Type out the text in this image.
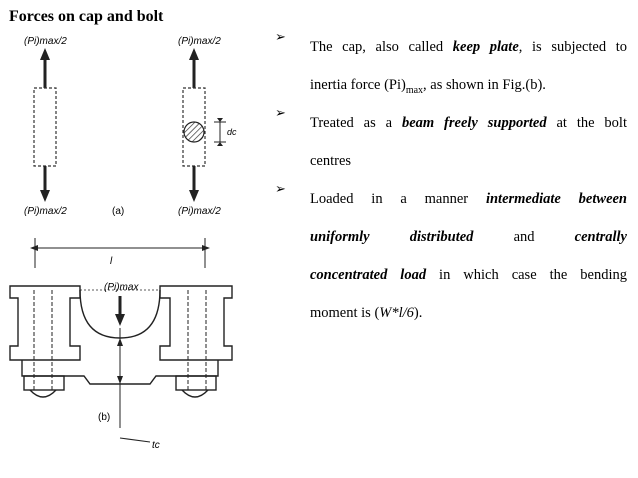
Forces on cap and bolt
(Pi)max/2
(Pi)max/2	(a)
(Pi)max/2
(Pi)max/2
dc
l
(Pi)max
(b)
tc
➢
The cap, also called keep plate, is subjected to
inertia force $(Pi)_{max}$, as shown in Fig.(b).
➢
Treated as a beam freely supported at the bolt
centres
➢
Loaded in a manner intermediate between
uniformly distributed and centrally
concentrated load in which case the bending
moment is (W*l/6).
